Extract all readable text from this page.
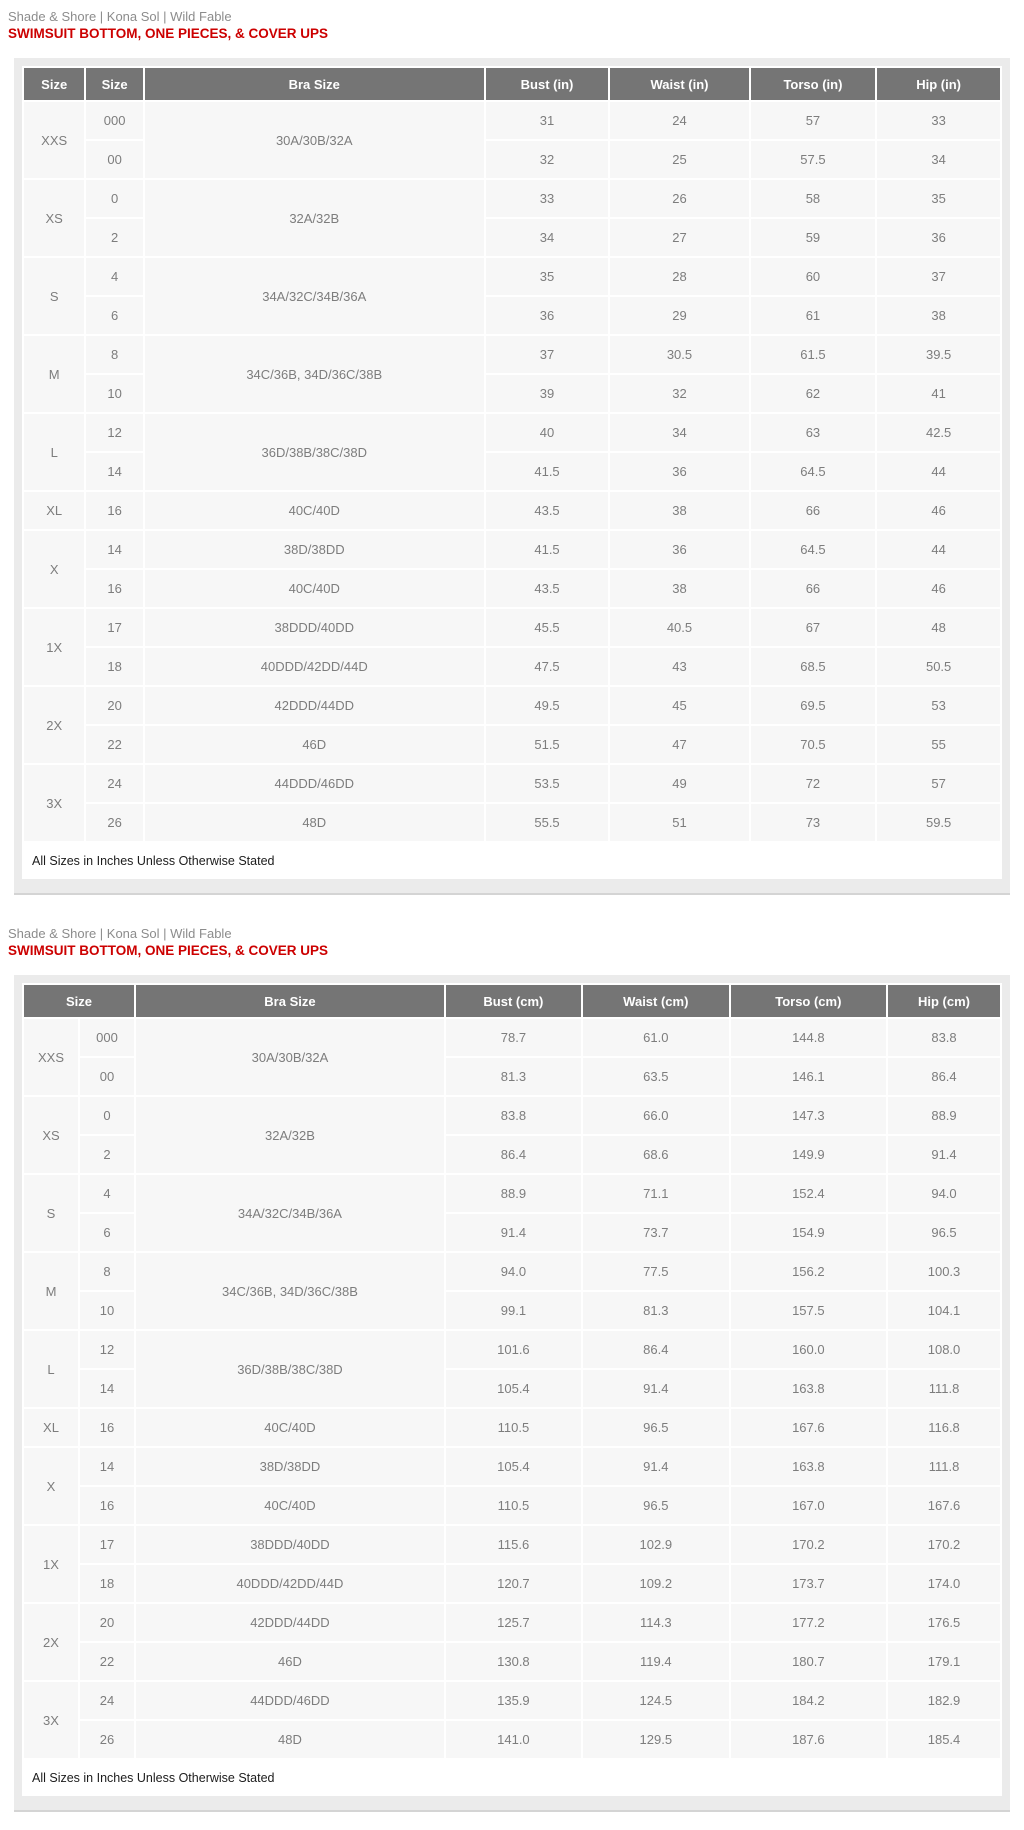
Shade & Shore | Kona Sol | Wild Fable
SWIMSUIT BOTTOM, ONE PIECES, & COVER UPS
Size	Size	Bra Size	Bust (in)	Waist (in)	Torso (in)	Hip (in)
XXS	000	30A/30B/32A	31	24	57	33
	00		32	25	57.5	34
XS	0	32A/32B	33	26	58	35
	2		34	27	59	36
S	4	34A/32C/34B/36A	35	28	60	37
	6		36	29	61	38
M	8	34C/36B, 34D/36C/38B	37	30.5	61.5	39.5
	10		39	32	62	41
L	12	36D/38B/38C/38D	40	34	63	42.5
	14		41.5	36	64.5	44
XL	16	40C/40D	43.5	38	66	46
X	14	38D/38DD	41.5	36	64.5	44
	16	40C/40D	43.5	38	66	46
1X	17	38DDD/40DD	45.5	40.5	67	48
	18	40DDD/42DD/44D	47.5	43	68.5	50.5
2X	20	42DDD/44DD	49.5	45	69.5	53
	22	46D	51.5	47	70.5	55
3X	24	44DDD/46DD	53.5	49	72	57
	26	48D	55.5	51	73	59.5
All Sizes in Inches Unless Otherwise Stated
Shade & Shore | Kona Sol | Wild Fable
SWIMSUIT BOTTOM, ONE PIECES, & COVER UPS
Size		Bra Size	Bust (cm)	Waist (cm)	Torso (cm)	Hip (cm)
XXS	000	30A/30B/32A	78.7	61.0	144.8	83.8
	00		81.3	63.5	146.1	86.4
XS	0	32A/32B	83.8	66.0	147.3	88.9
	2		86.4	68.6	149.9	91.4
S	4	34A/32C/34B/36A	88.9	71.1	152.4	94.0
	6		91.4	73.7	154.9	96.5
M	8	34C/36B, 34D/36C/38B	94.0	77.5	156.2	100.3
	10		99.1	81.3	157.5	104.1
L	12	36D/38B/38C/38D	101.6	86.4	160.0	108.0
	14		105.4	91.4	163.8	111.8
XL	16	40C/40D	110.5	96.5	167.6	116.8
X	14	38D/38DD	105.4	91.4	163.8	111.8
	16	40C/40D	110.5	96.5	167.0	167.6
1X	17	38DDD/40DD	115.6	102.9	170.2	170.2
	18	40DDD/42DD/44D	120.7	109.2	173.7	174.0
2X	20	42DDD/44DD	125.7	114.3	177.2	176.5
	22	46D	130.8	119.4	180.7	179.1
3X	24	44DDD/46DD	135.9	124.5	184.2	182.9
	26	48D	141.0	129.5	187.6	185.4
All Sizes in Inches Unless Otherwise Stated
